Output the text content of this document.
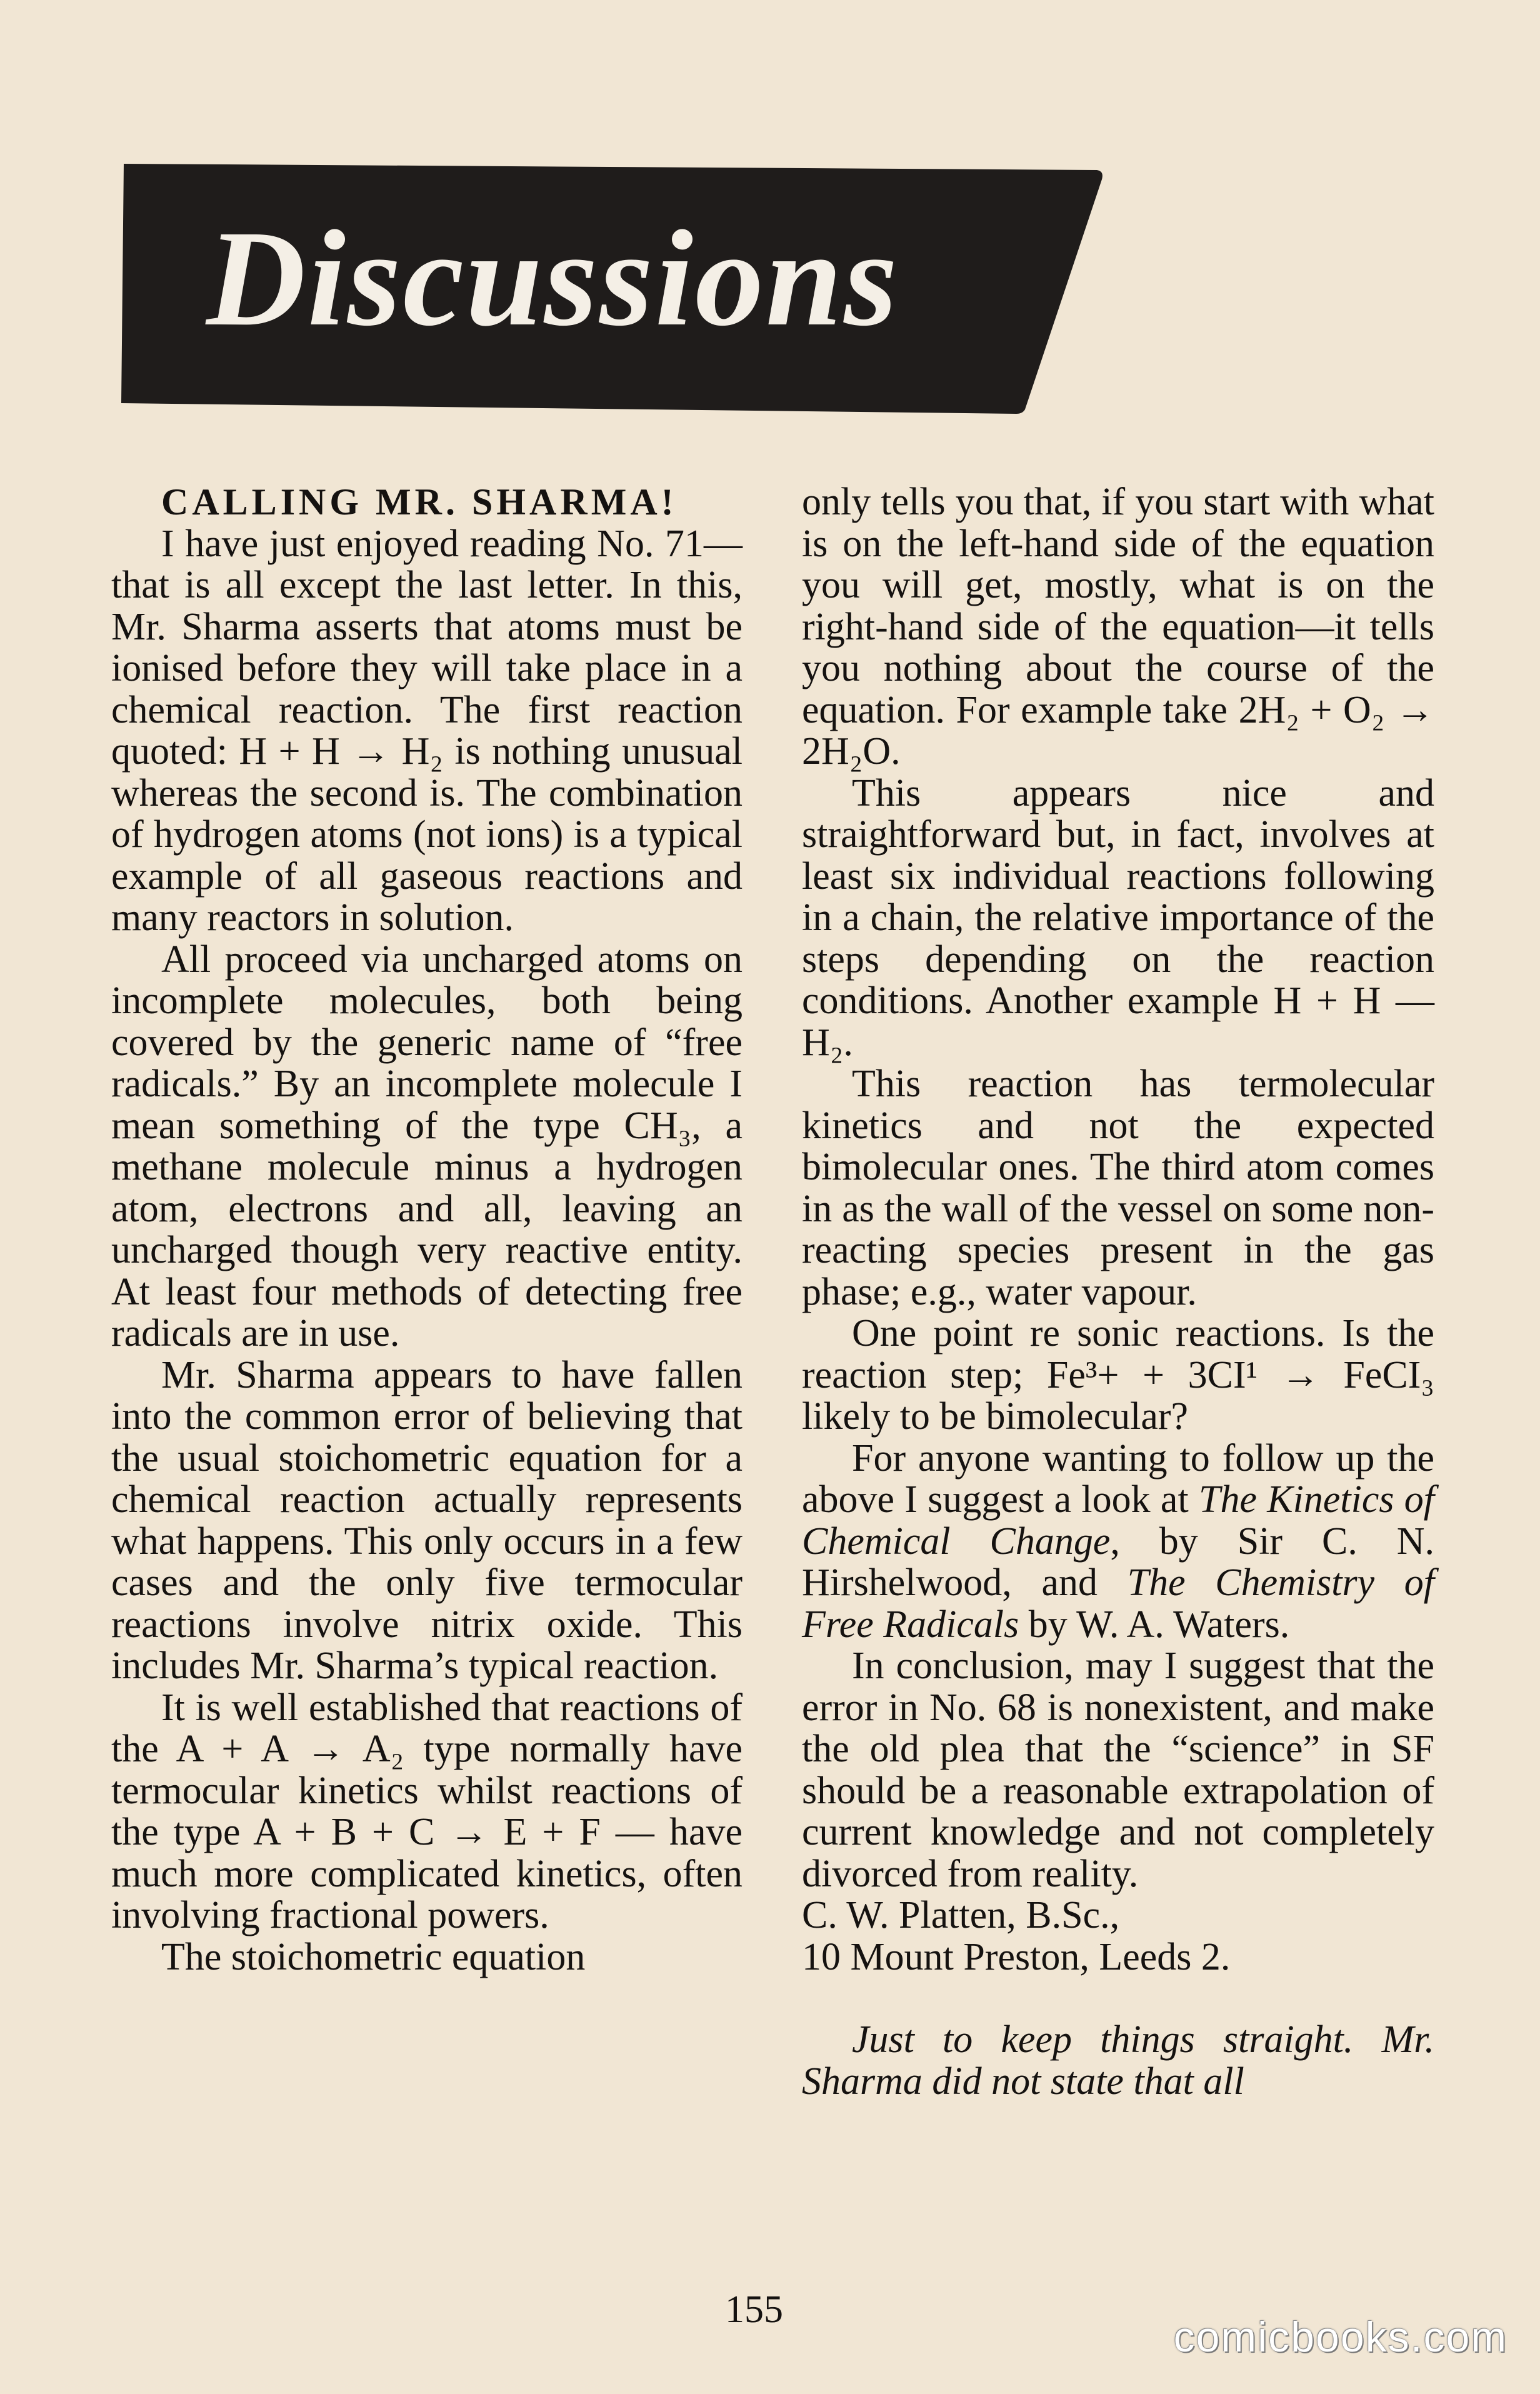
Discussions

CALLING MR. SHARMA!

I have just enjoyed reading No. 71—that is all except the last letter. In this, Mr. Sharma asserts that atoms must be ionised before they will take place in a chemical reaction. The first reaction quoted: H + H → H₂ is nothing unusual whereas the second is. The combination of hydrogen atoms (not ions) is a typical example of all gaseous reactions and many reactors in solution.

All proceed via uncharged atoms on incomplete molecules, both being covered by the generic name of “free radicals.” By an incomplete molecule I mean something of the type CH₃, a methane molecule minus a hydrogen atom, electrons and all, leaving an uncharged though very reactive entity. At least four methods of detecting free radicals are in use.

Mr. Sharma appears to have fallen into the common error of believing that the usual stoichometric equation for a chemical reaction actually represents what happens. This only occurs in a few cases and the only five termocular reactions involve nitrix oxide. This includes Mr. Sharma’s typical reaction.

It is well established that reactions of the A + A → A₂ type normally have termocular kinetics whilst reactions of the type A + B + C → E + F — have much more complicated kinetics, often involving fractional powers.

The stoichometric equation

only tells you that, if you start with what is on the left-hand side of the equation you will get, mostly, what is on the right-hand side of the equation—it tells you nothing about the course of the equation. For example take 2H₂ + O₂ → 2H₂O.

This appears nice and straightforward but, in fact, involves at least six individual reactions following in a chain, the relative importance of the steps depending on the reaction conditions. Another example H + H — H₂.

This reaction has termolecular kinetics and not the expected bimolecular ones. The third atom comes in as the wall of the vessel on some non-reacting species present in the gas phase; e.g., water vapour.

One point re sonic reactions. Is the reaction step; Fe³+ + 3CI¹ → FeCI₃ likely to be bimolecular?

For anyone wanting to follow up the above I suggest a look at The Kinetics of Chemical Change, by Sir C. N. Hirshelwood, and The Chemistry of Free Radicals by W. A. Waters.

In conclusion, may I suggest that the error in No. 68 is nonexistent, and make the old plea that the “science” in SF should be a reasonable extrapolation of current knowledge and not completely divorced from reality.

C. W. Platten, B.Sc.,

10 Mount Preston, Leeds 2.

Just to keep things straight. Mr. Sharma did not state that all

155
comicbooks.com
